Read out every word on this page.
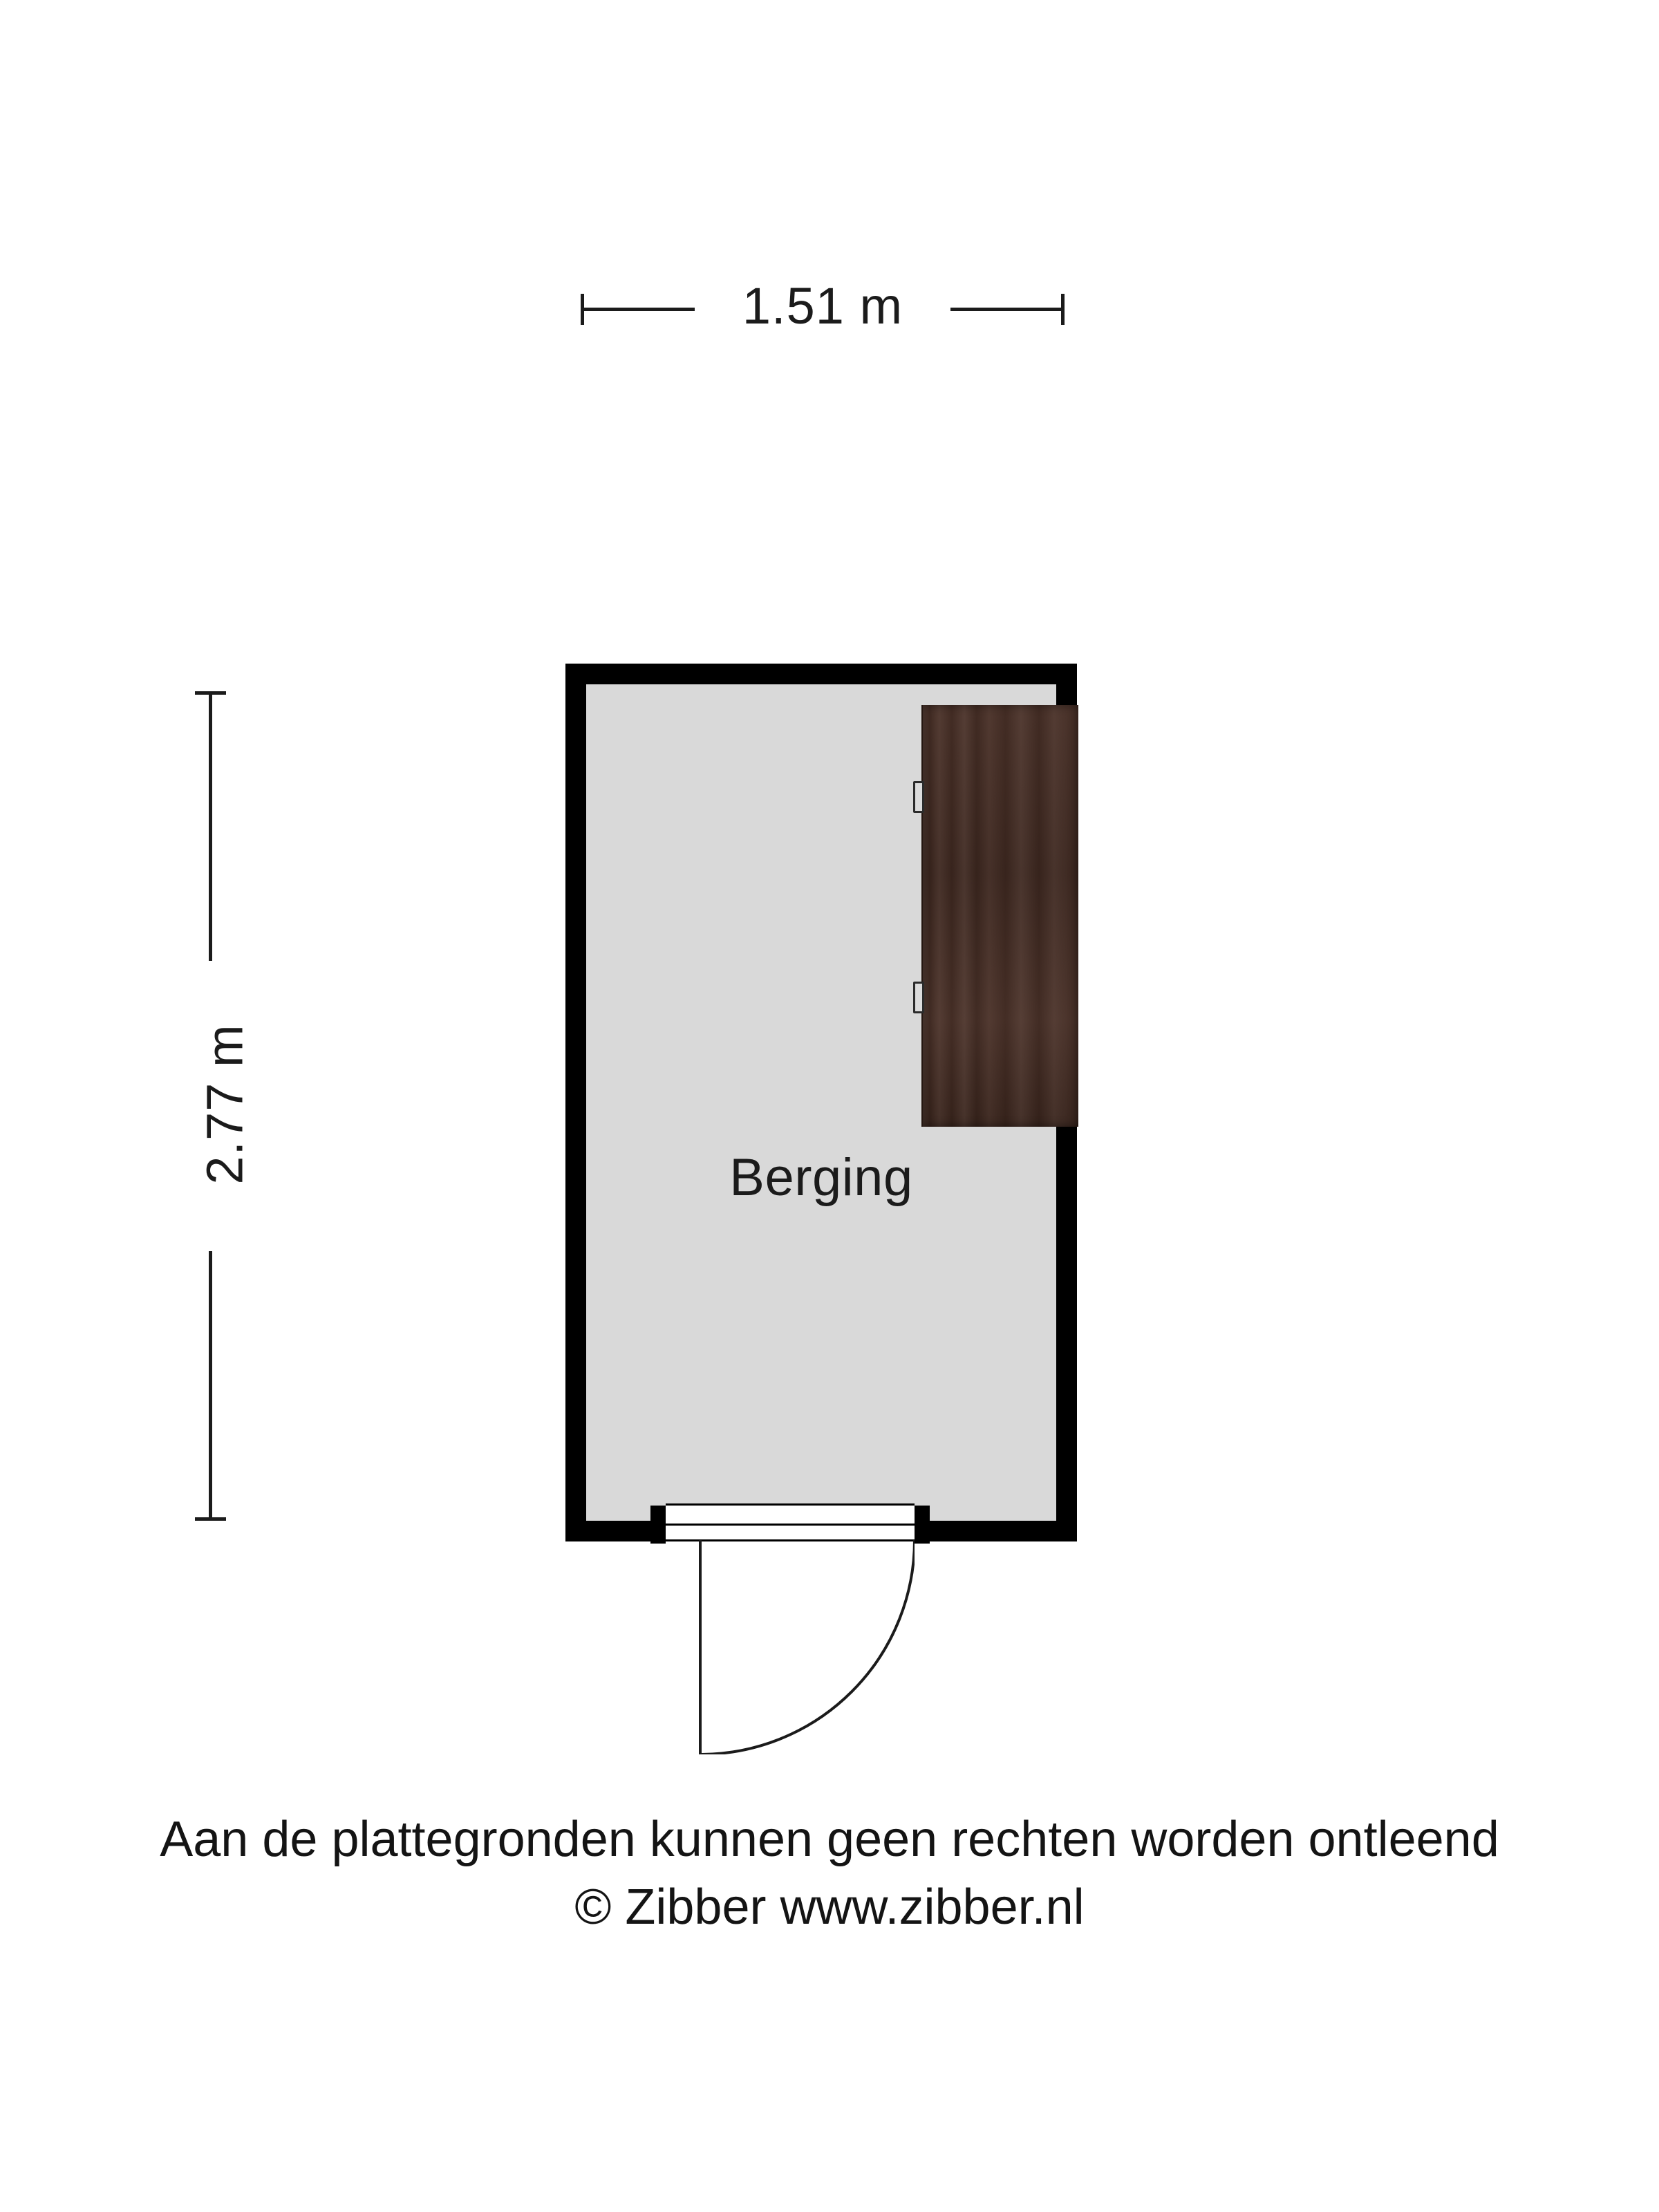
1.51 m
2.77 m	Berging
Aan de plattegronden kunnen geen rechten worden ontleend
© Zibber www.zibber.nl
